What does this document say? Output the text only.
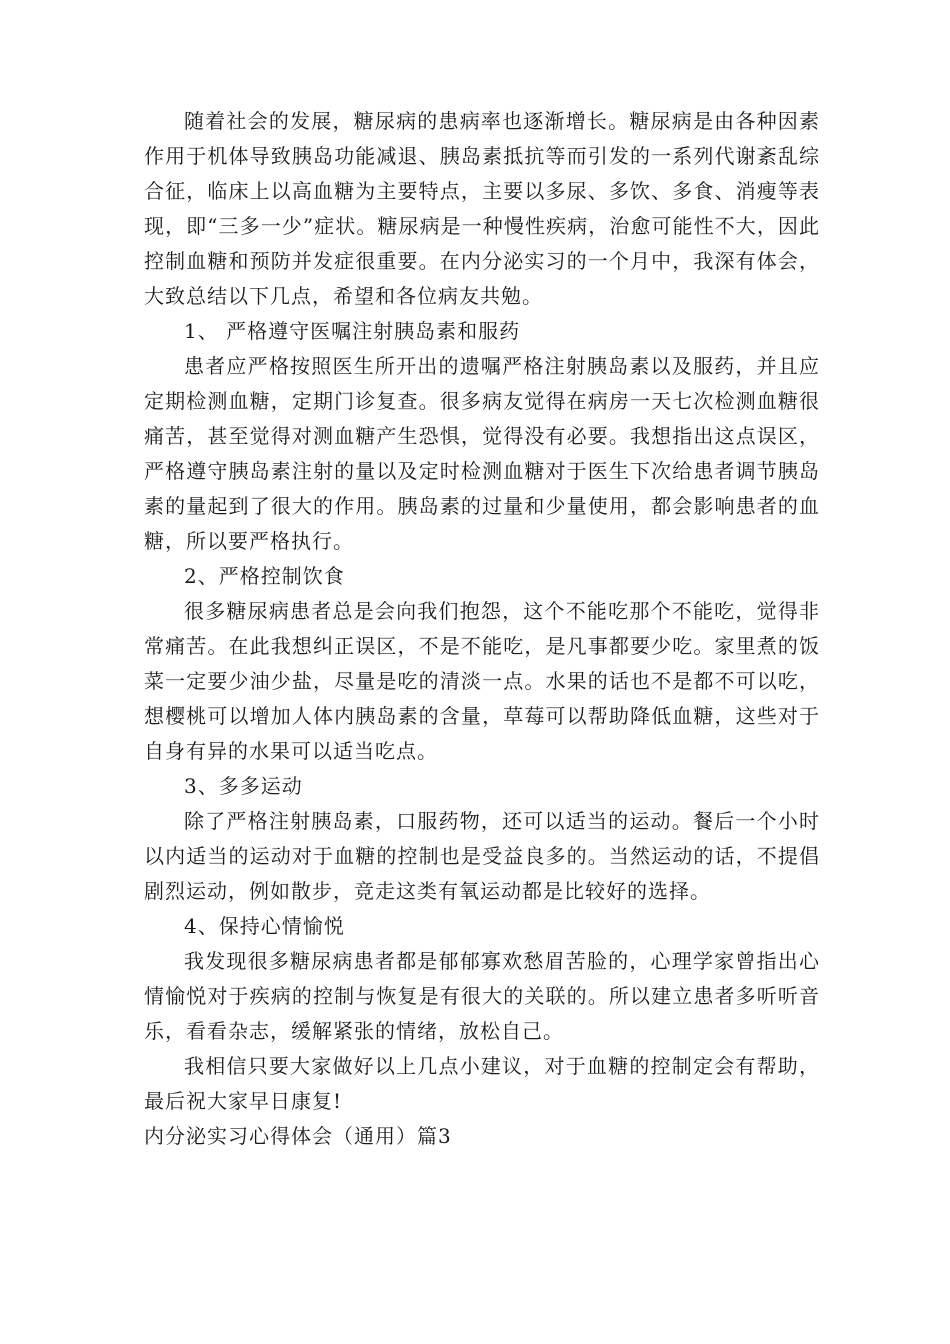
随着社会的发展，糖尿病的患病率也逐渐增长。糖尿病是由各种因素作用于机体导致胰岛功能减退、胰岛素抵抗等而引发的一系列代谢紊乱综合征，临床上以高血糖为主要特点，主要以多尿、多饮、多食、消瘦等表现，即“三多一少”症状。糖尿病是一种慢性疾病，治愈可能性不大，因此控制血糖和预防并发症很重要。在内分泌实习的一个月中，我深有体会，大致总结以下几点，希望和各位病友共勉。

1、 严格遵守医嘱注射胰岛素和服药

患者应严格按照医生所开出的遗嘱严格注射胰岛素以及服药，并且应定期检测血糖，定期门诊复查。很多病友觉得在病房一天七次检测血糖很痛苦，甚至觉得对测血糖产生恐惧，觉得没有必要。我想指出这点误区，严格遵守胰岛素注射的量以及定时检测血糖对于医生下次给患者调节胰岛素的量起到了很大的作用。胰岛素的过量和少量使用，都会影响患者的血糖，所以要严格执行。

2、严格控制饮食

很多糖尿病患者总是会向我们抱怨，这个不能吃那个不能吃，觉得非常痛苦。在此我想纠正误区，不是不能吃，是凡事都要少吃。家里煮的饭菜一定要少油少盐，尽量是吃的清淡一点。水果的话也不是都不可以吃，想樱桃可以增加人体内胰岛素的含量，草莓可以帮助降低血糖，这些对于自身有异的水果可以适当吃点。

3、多多运动

除了严格注射胰岛素，口服药物，还可以适当的运动。餐后一个小时以内适当的运动对于血糖的控制也是受益良多的。当然运动的话，不提倡剧烈运动，例如散步，竞走这类有氧运动都是比较好的选择。

4、保持心情愉悦

我发现很多糖尿病患者都是郁郁寡欢愁眉苦脸的，心理学家曾指出心情愉悦对于疾病的控制与恢复是有很大的关联的。所以建立患者多听听音乐，看看杂志，缓解紧张的情绪，放松自己。

我相信只要大家做好以上几点小建议，对于血糖的控制定会有帮助，最后祝大家早日康复!

内分泌实习心得体会（通用）篇3
